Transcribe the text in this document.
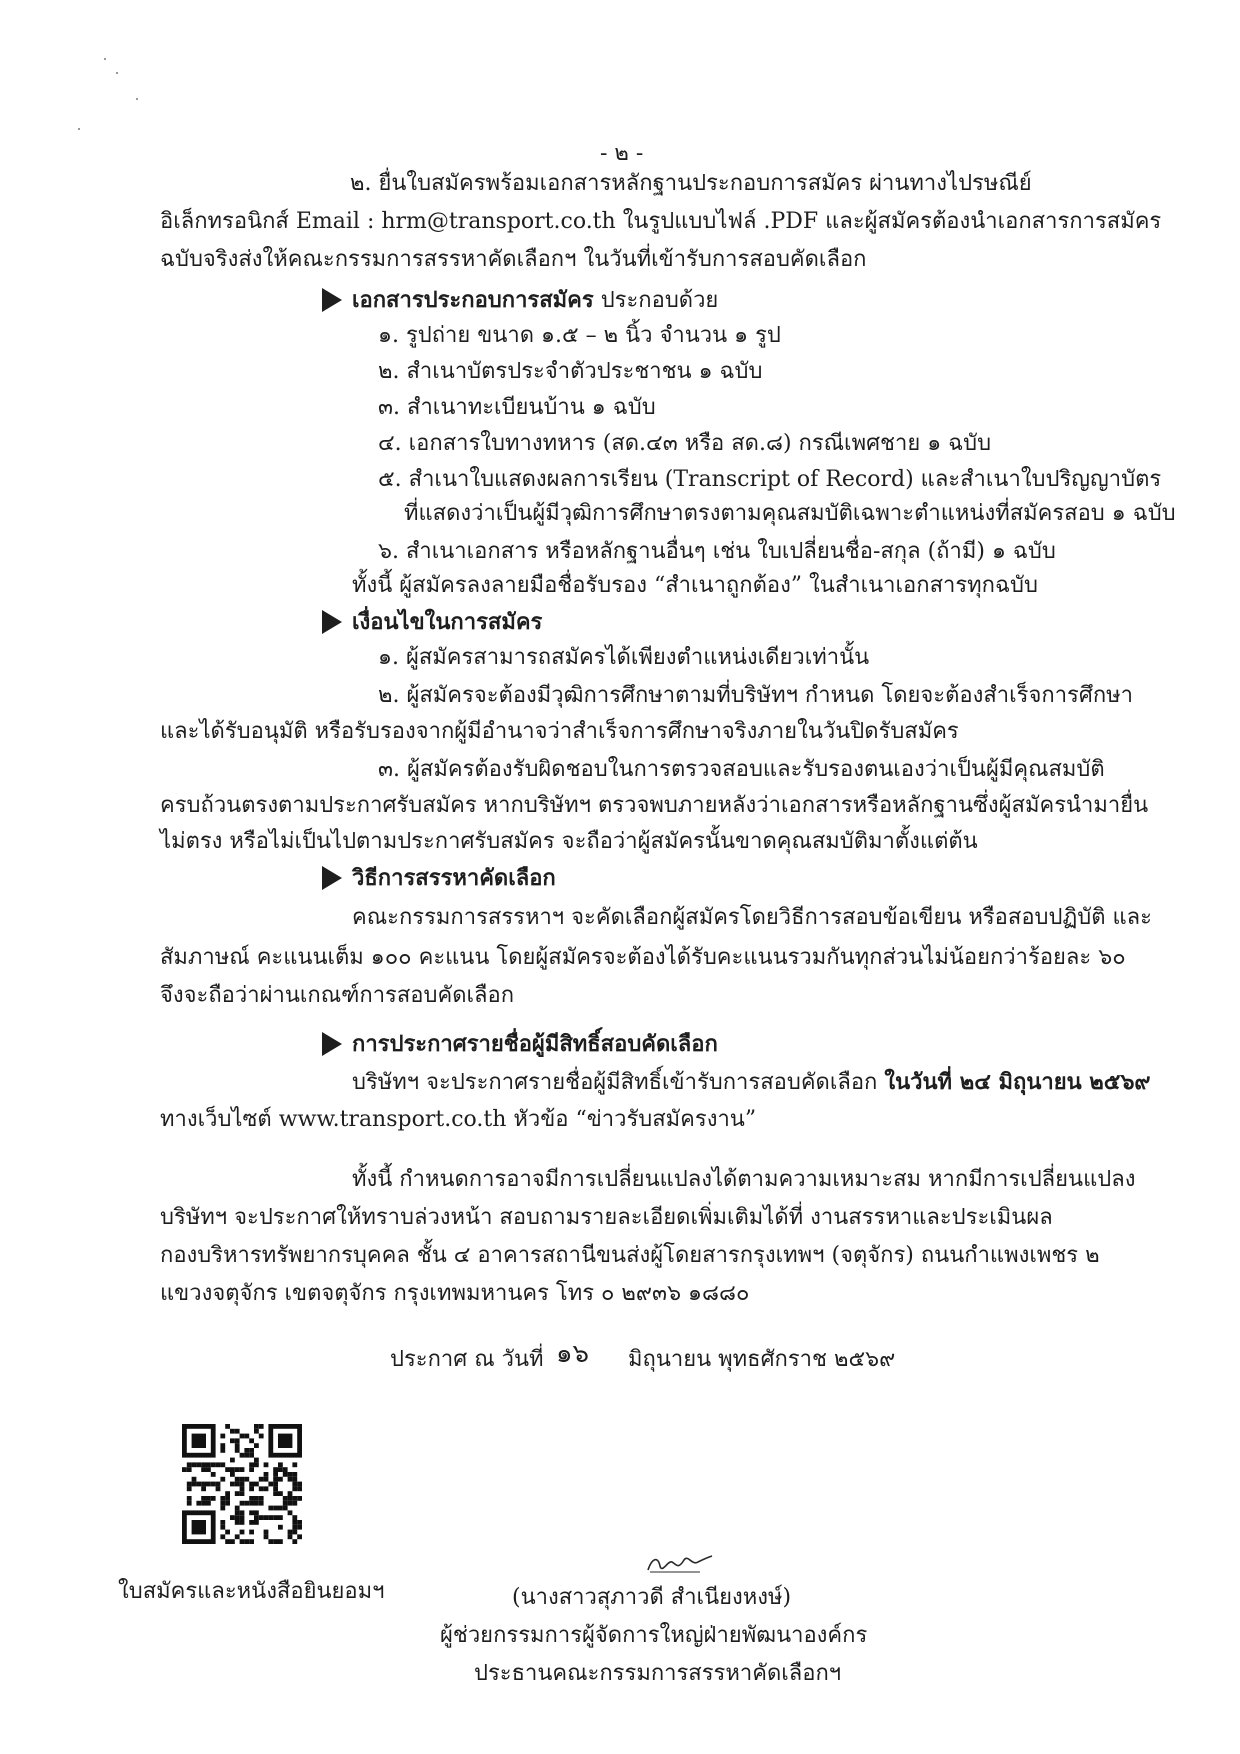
- ๒ -
๒. ยื่นใบสมัครพร้อมเอกสารหลักฐานประกอบการสมัคร ผ่านทางไปรษณีย์
อิเล็กทรอนิกส์ Email : hrm@transport.co.th ในรูปแบบไฟล์ .PDF และผู้สมัครต้องนำเอกสารการสมัคร
ฉบับจริงส่งให้คณะกรรมการสรรหาคัดเลือกฯ ในวันที่เข้ารับการสอบคัดเลือก
เอกสารประกอบการสมัคร ประกอบด้วย
๑. รูปถ่าย ขนาด ๑.๕ – ๒ นิ้ว จำนวน ๑ รูป
๒. สำเนาบัตรประจำตัวประชาชน ๑ ฉบับ
๓. สำเนาทะเบียนบ้าน ๑ ฉบับ
๔. เอกสารใบทางทหาร (สด.๔๓ หรือ สด.๘) กรณีเพศชาย ๑ ฉบับ
๕. สำเนาใบแสดงผลการเรียน (Transcript of Record) และสำเนาใบปริญญาบัตร
ที่แสดงว่าเป็นผู้มีวุฒิการศึกษาตรงตามคุณสมบัติเฉพาะตำแหน่งที่สมัครสอบ ๑ ฉบับ
๖. สำเนาเอกสาร หรือหลักฐานอื่นๆ เช่น ใบเปลี่ยนชื่อ-สกุล (ถ้ามี) ๑ ฉบับ
ทั้งนี้ ผู้สมัครลงลายมือชื่อรับรอง “สำเนาถูกต้อง” ในสำเนาเอกสารทุกฉบับ
เงื่อนไขในการสมัคร
๑. ผู้สมัครสามารถสมัครได้เพียงตำแหน่งเดียวเท่านั้น
๒. ผู้สมัครจะต้องมีวุฒิการศึกษาตามที่บริษัทฯ กำหนด โดยจะต้องสำเร็จการศึกษา
และได้รับอนุมัติ หรือรับรองจากผู้มีอำนาจว่าสำเร็จการศึกษาจริงภายในวันปิดรับสมัคร
๓. ผู้สมัครต้องรับผิดชอบในการตรวจสอบและรับรองตนเองว่าเป็นผู้มีคุณสมบัติ
ครบถ้วนตรงตามประกาศรับสมัคร หากบริษัทฯ ตรวจพบภายหลังว่าเอกสารหรือหลักฐานซึ่งผู้สมัครนำมายื่น
ไม่ตรง หรือไม่เป็นไปตามประกาศรับสมัคร จะถือว่าผู้สมัครนั้นขาดคุณสมบัติมาตั้งแต่ต้น
วิธีการสรรหาคัดเลือก
คณะกรรมการสรรหาฯ จะคัดเลือกผู้สมัครโดยวิธีการสอบข้อเขียน หรือสอบปฏิบัติ และ
สัมภาษณ์ คะแนนเต็ม ๑๐๐ คะแนน โดยผู้สมัครจะต้องได้รับคะแนนรวมกันทุกส่วนไม่น้อยกว่าร้อยละ ๖๐
จึงจะถือว่าผ่านเกณฑ์การสอบคัดเลือก
การประกาศรายชื่อผู้มีสิทธิ์สอบคัดเลือก
บริษัทฯ จะประกาศรายชื่อผู้มีสิทธิ์เข้ารับการสอบคัดเลือก ในวันที่ ๒๔ มิถุนายน ๒๕๖๙
ทางเว็บไซต์ www.transport.co.th หัวข้อ “ข่าวรับสมัครงาน”
ทั้งนี้ กำหนดการอาจมีการเปลี่ยนแปลงได้ตามความเหมาะสม หากมีการเปลี่ยนแปลง
บริษัทฯ จะประกาศให้ทราบล่วงหน้า สอบถามรายละเอียดเพิ่มเติมได้ที่ งานสรรหาและประเมินผล
กองบริหารทรัพยากรบุคคล ชั้น ๔ อาคารสถานีขนส่งผู้โดยสารกรุงเทพฯ (จตุจักร) ถนนกำแพงเพชร ๒
แขวงจตุจักร เขตจตุจักร กรุงเทพมหานคร โทร ๐ ๒๙๓๖ ๑๘๘๐
ประกาศ ณ วันที่ ๑๖ มิถุนายน พุทธศักราช ๒๕๖๙
ใบสมัครและหนังสือยินยอมฯ	(นางสาวสุภาวดี สำเนียงหงษ์)
ผู้ช่วยกรรมการผู้จัดการใหญ่ฝ่ายพัฒนาองค์กร
ประธานคณะกรรมการสรรหาคัดเลือกฯ
